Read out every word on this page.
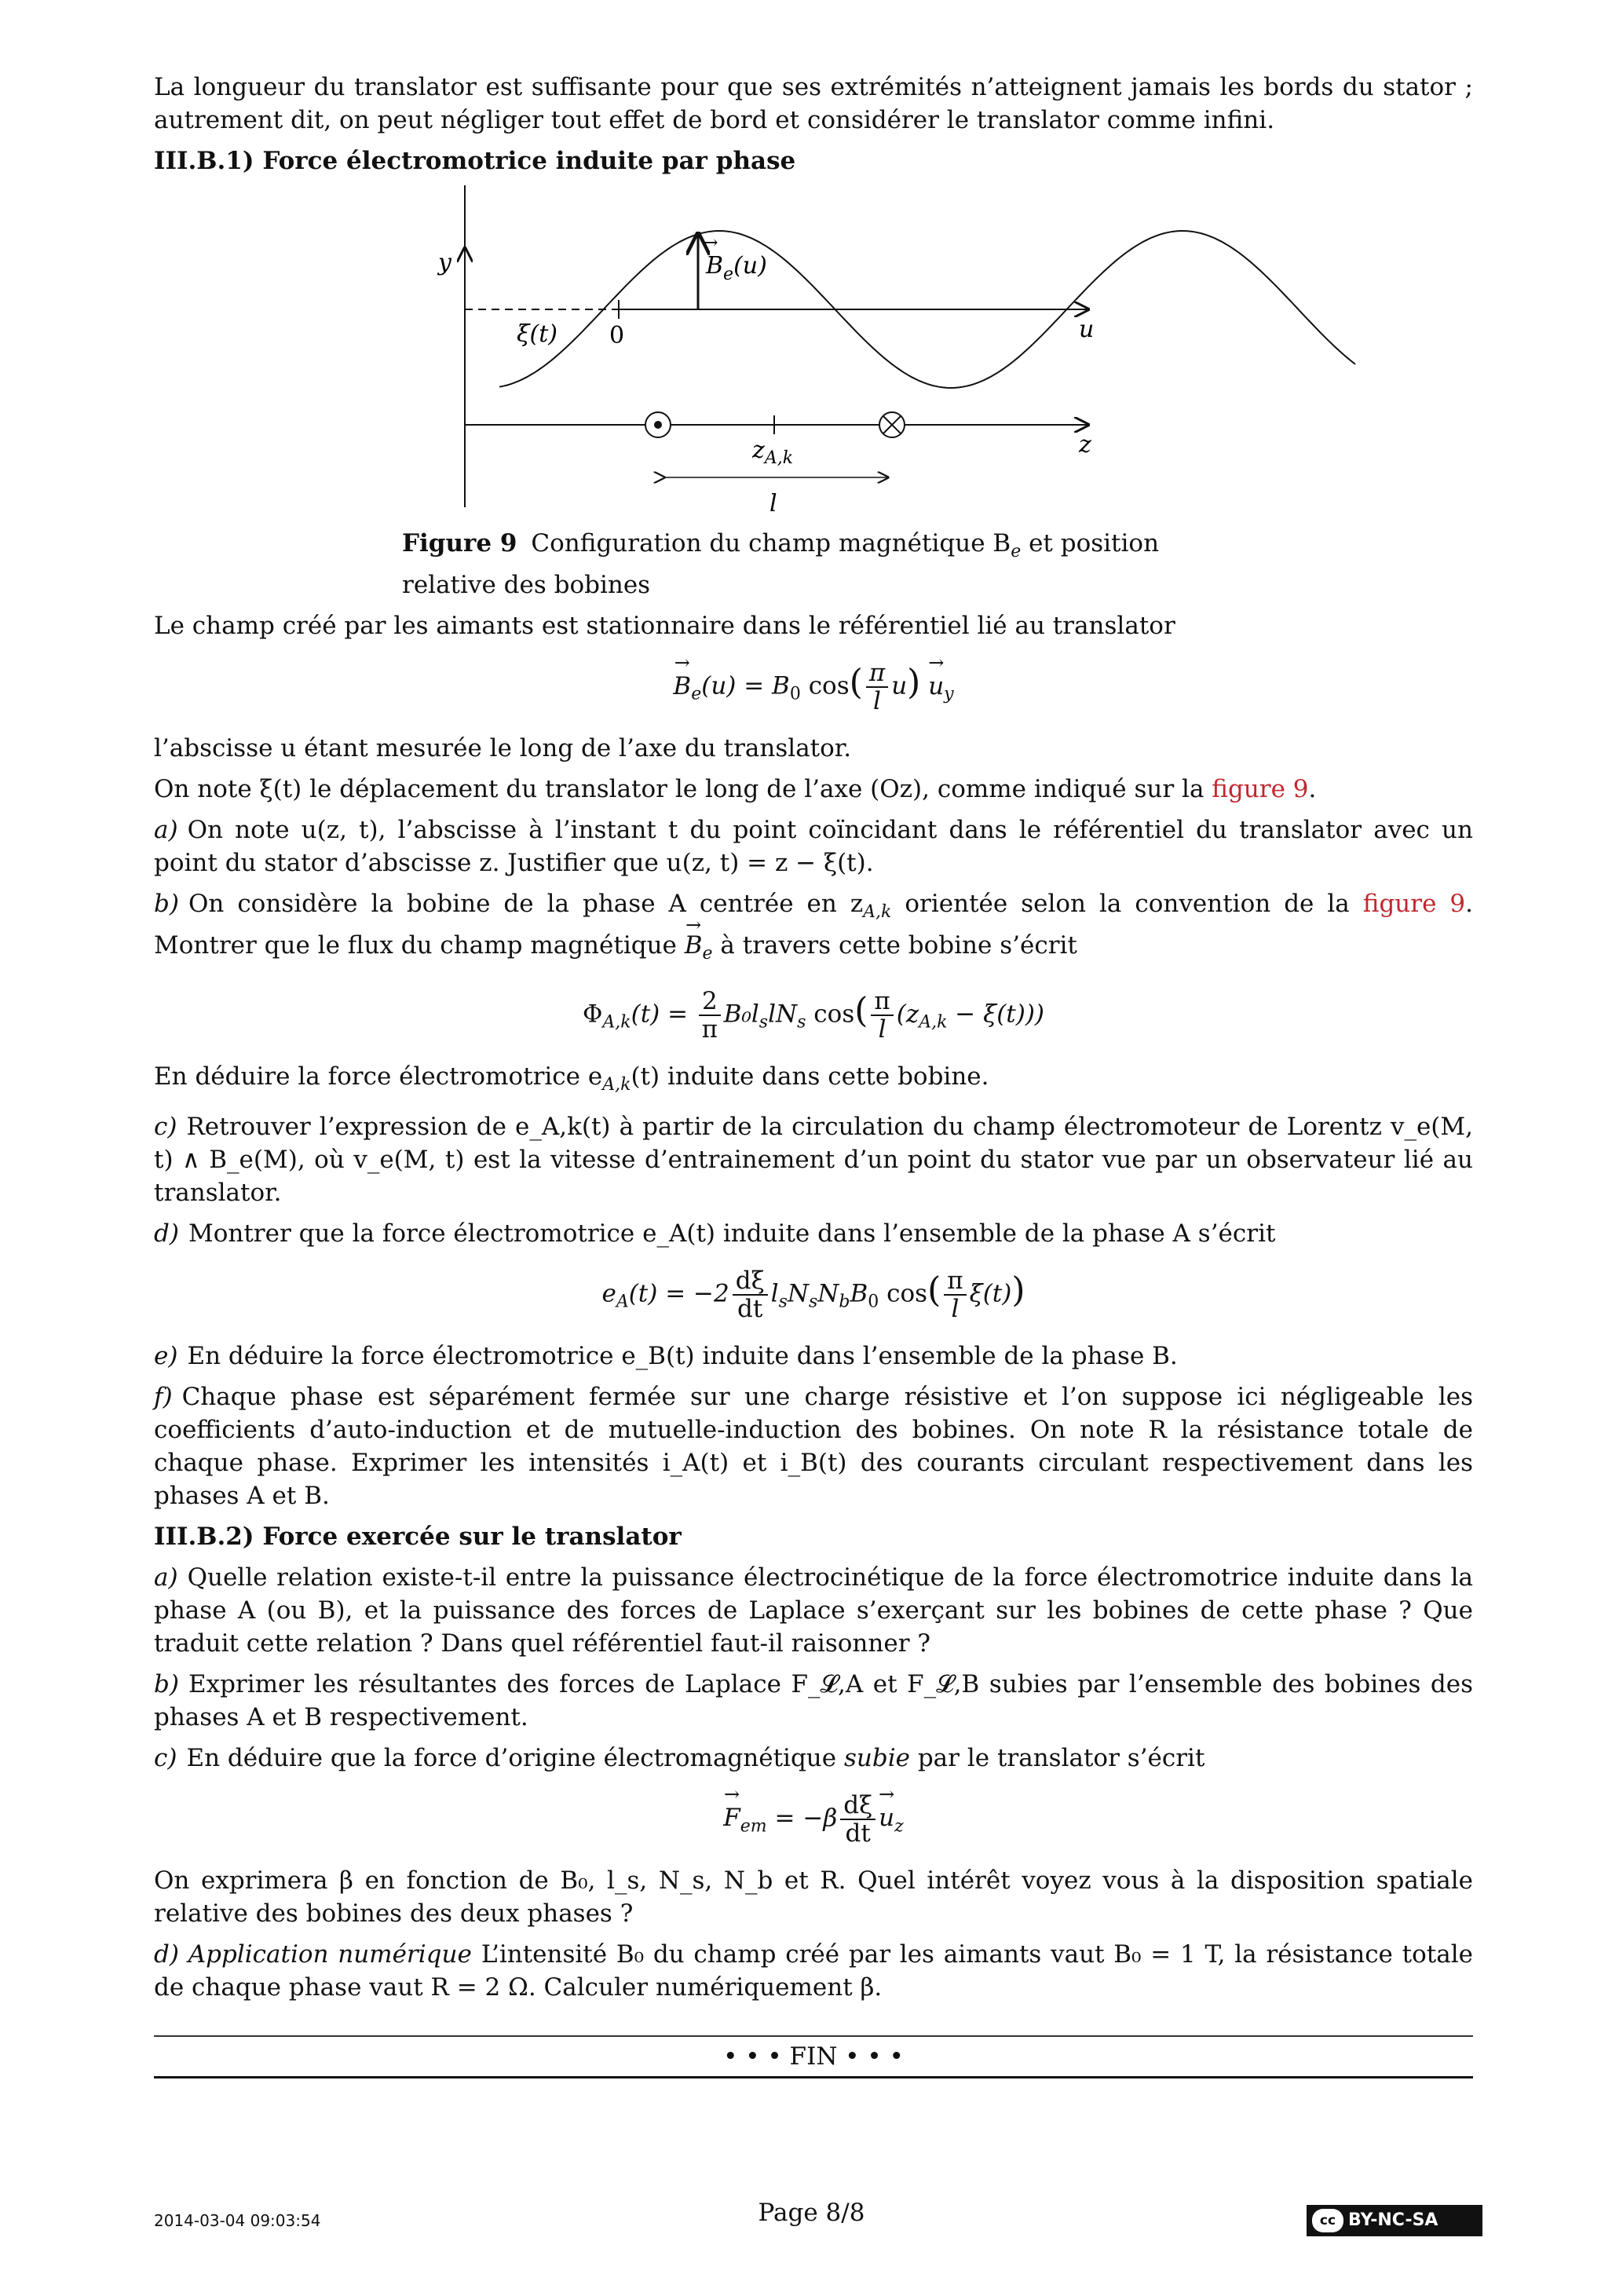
La longueur du translator est suffisante pour que ses extrémités n’atteignent jamais les bords du stator ; autrement dit, on peut négliger tout effet de bord et considérer le translator comme infini.

III.B.1) Force électromotrice induite par phase
y	$B_e(u)$
→
ξ(t) 0	u
z
$z_{A,k}$
l
Figure 9 Configuration du champ magnétique $B_e$ et position relative des bobines

Le champ créé par les aimants est stationnaire dans le référentiel lié au translator

→ $B_e(u) = B_0$ $\cos( \frac{\pi}{l} u) \to u_y$

l’abscisse u étant mesurée le long de l’axe du translator.

On note ξ(t) le déplacement du translator le long de l’axe (Oz), comme indiqué sur la figure 9.

a) On note u(z, t), l’abscisse à l’instant t du point coïncidant dans le référentiel du translator avec un point du stator d’abscisse z. Justifier que u(z, t) = z − ξ(t).

b) On considère la bobine de la phase A centrée en $z_{A,k}$ orientée selon la convention de la figure 9. Montrer que le flux du champ magnétique → $B_e$ à travers cette bobine s’écrit

$\Phi_{A,k}(t) = \frac{2}{\pi} B_0l_slN_s$ $\cos( \frac{\pi}{l} (z_{A,k} - \xi(t)))$

En déduire la force électromotrice $e_{A,k}(t)$ induite dans cette bobine.

c) Retrouver l’expression de e_A,k(t) à partir de la circulation du champ électromoteur de Lorentz v_e(M, t) ∧ B_e(M), où v_e(M, t) est la vitesse d’entrainement d’un point du stator vue par un observateur lié au translator.

d) Montrer que la force électromotrice e_A(t) induite dans l’ensemble de la phase A s’écrit

$e_A(t) = -2 \frac{d\xi}{dt} l_sN_sN_bB_0$ $\cos( \frac{\pi}{l} \xi(t))$

e) En déduire la force électromotrice e_B(t) induite dans l’ensemble de la phase B.

f) Chaque phase est séparément fermée sur une charge résistive et l’on suppose ici négligeable les coefficients d’auto-induction et de mutuelle-induction des bobines. On note R la résistance totale de chaque phase. Exprimer les intensités i_A(t) et i_B(t) des courants circulant respectivement dans les phases A et B.

III.B.2) Force exercée sur le translator

a) Quelle relation existe-t-il entre la puissance électrocinétique de la force électromotrice induite dans la phase A (ou B), et la puissance des forces de Laplace s’exerçant sur les bobines de cette phase ? Que traduit cette relation ? Dans quel référentiel faut-il raisonner ?

b) Exprimer les résultantes des forces de Laplace F_𝓛,A et F_𝓛,B subies par l’ensemble des bobines des phases A et B respectivement.

c) En déduire que la force d’origine électromagnétique subie par le translator s’écrit

→ $F_{em} = -\beta \frac{d\xi}{dt}$
→ $u_z$

On exprimera β en fonction de B₀, l_s, N_s, N_b et R. Quel intérêt voyez vous à la disposition spatiale relative des bobines des deux phases ?

d) Application numérique L’intensité B₀ du champ créé par les aimants vaut B₀ = 1 T, la résistance totale de chaque phase vaut R = 2 Ω. Calculer numériquement β.

• • • FIN • • •
2014-03-04 09:03:54	Page 8/8	cc BY-NC-SA
